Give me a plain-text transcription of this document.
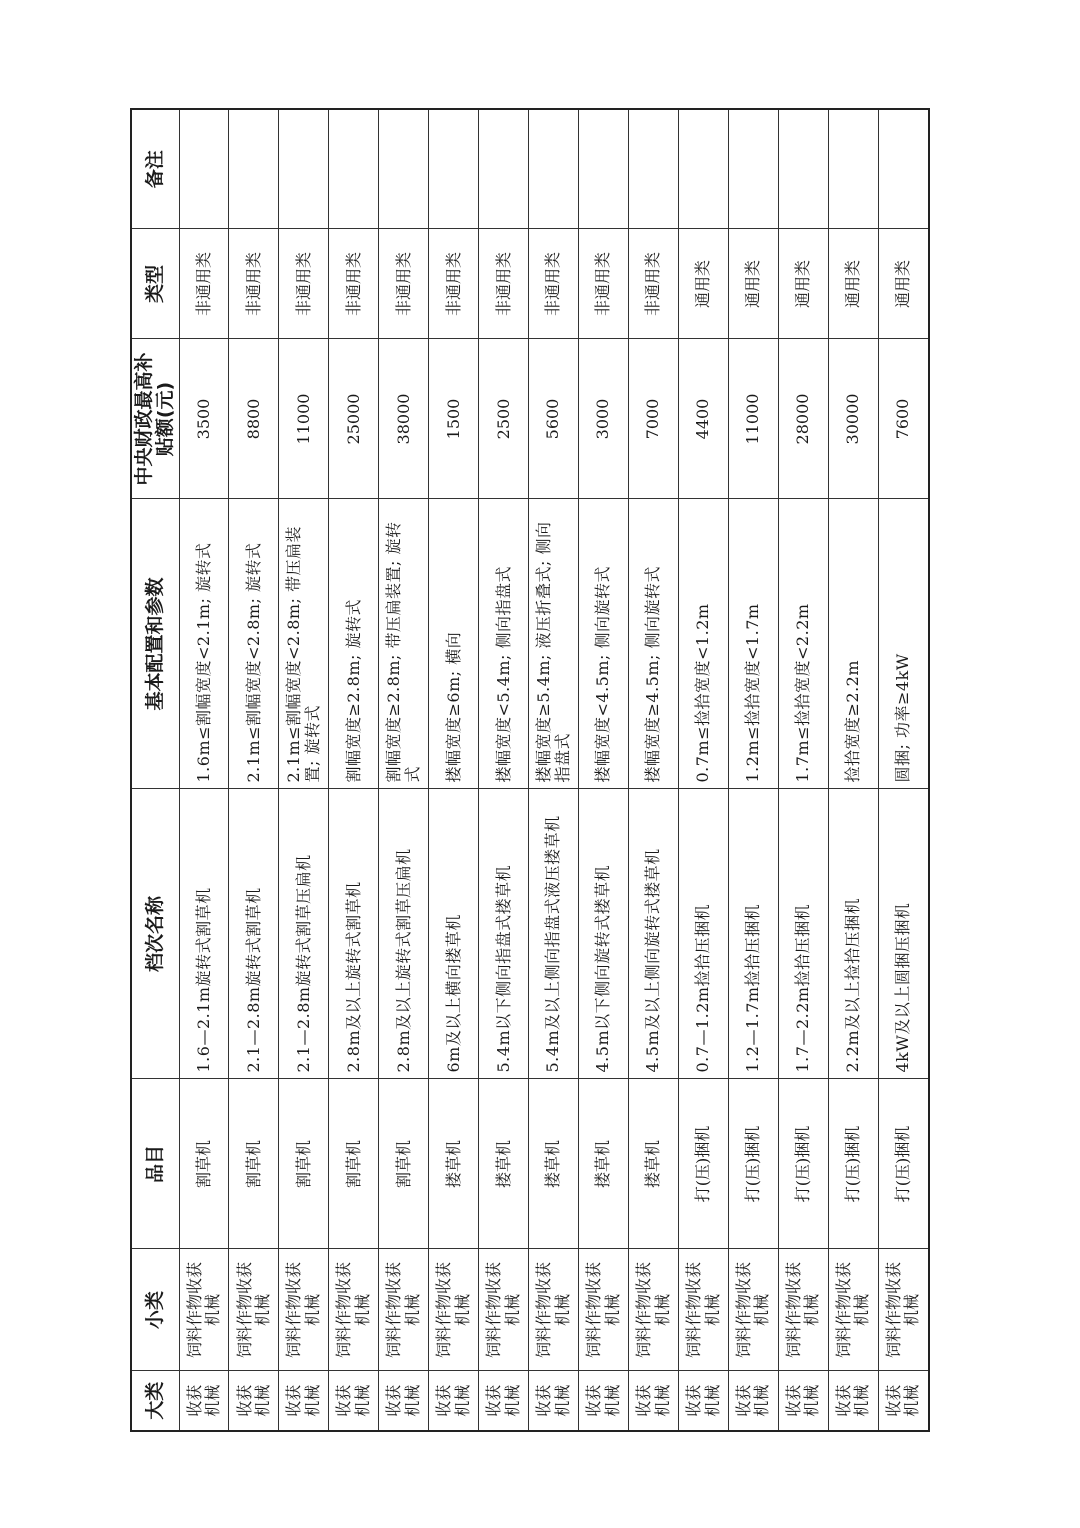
大类	小类	品目	档次名称	基本配置和参数	中央财政最高补贴额(元)	类型	备注
收获机械	饲料作物收获机械	割草机	1.6—2.1m旋转式割草机	1.6m≤割幅宽度<2.1m; 旋转式	3500	非通用类	
收获机械	饲料作物收获机械	割草机	2.1—2.8m旋转式割草机	2.1m≤割幅宽度<2.8m; 旋转式	8800	非通用类	
收获机械	饲料作物收获机械	割草机	2.1—2.8m旋转式割草压扁机	2.1m≤割幅宽度<2.8m; 带压扁装置; 旋转式	11000	非通用类	
收获机械	饲料作物收获机械	割草机	2.8m及以上旋转式割草机	割幅宽度≥2.8m; 旋转式	25000	非通用类	
收获机械	饲料作物收获机械	割草机	2.8m及以上旋转式割草压扁机	割幅宽度≥2.8m; 带压扁装置; 旋转式	38000	非通用类	
收获机械	饲料作物收获机械	搂草机	6m及以上横向搂草机	搂幅宽度≥6m; 横向	1500	非通用类	
收获机械	饲料作物收获机械	搂草机	5.4m以下侧向指盘式搂草机	搂幅宽度<5.4m; 侧向指盘式	2500	非通用类	
收获机械	饲料作物收获机械	搂草机	5.4m及以上侧向指盘式液压搂草机	搂幅宽度≥5.4m; 液压折叠式; 侧向指盘式	5600	非通用类	
收获机械	饲料作物收获机械	搂草机	4.5m以下侧向旋转式搂草机	搂幅宽度<4.5m; 侧向旋转式	3000	非通用类	
收获机械	饲料作物收获机械	搂草机	4.5m及以上侧向旋转式搂草机	搂幅宽度≥4.5m; 侧向旋转式	7000	非通用类	
收获机械	饲料作物收获机械	打(压)捆机	0.7—1.2m捡拾压捆机	0.7m≤捡拾宽度<1.2m	4400	通用类	
收获机械	饲料作物收获机械	打(压)捆机	1.2—1.7m捡拾压捆机	1.2m≤捡拾宽度<1.7m	11000	通用类	
收获机械	饲料作物收获机械	打(压)捆机	1.7—2.2m捡拾压捆机	1.7m≤捡拾宽度<2.2m	28000	通用类	
收获机械	饲料作物收获机械	打(压)捆机	2.2m及以上捡拾压捆机	捡拾宽度≥2.2m	30000	通用类	
收获机械	饲料作物收获机械	打(压)捆机	4kW及以上圆捆压捆机	圆捆; 功率≥4kW	7600	通用类	
